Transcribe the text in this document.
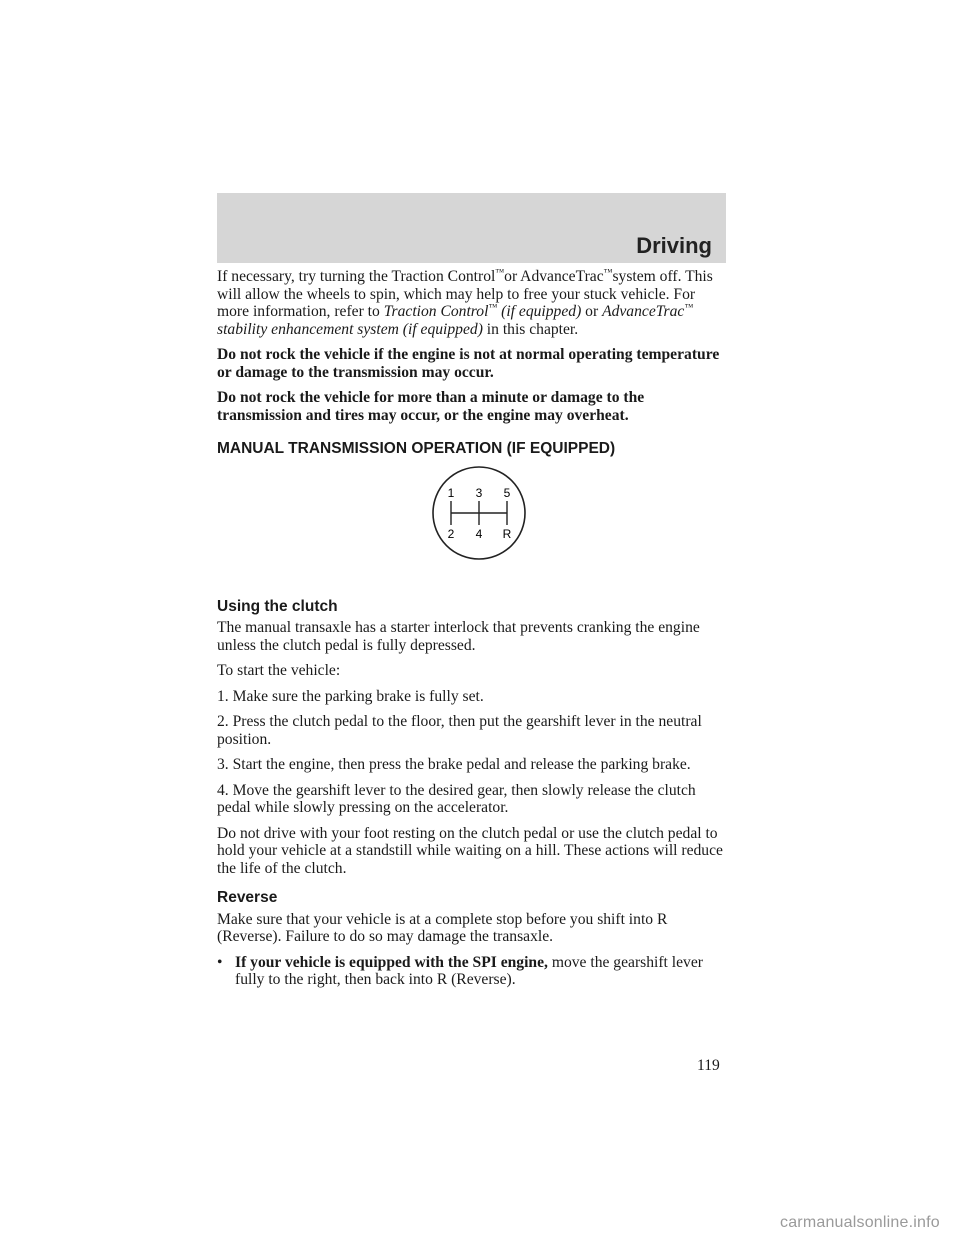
Driving

If necessary, try turning the Traction Control™or AdvanceTrac™system off. This will allow the wheels to spin, which may help to free your stuck vehicle. For more information, refer to Traction Control™ (if equipped) or AdvanceTrac™ stability enhancement system (if equipped) in this chapter.

Do not rock the vehicle if the engine is not at normal operating temperature or damage to the transmission may occur.

Do not rock the vehicle for more than a minute or damage to the transmission and tires may occur, or the engine may overheat.

MANUAL TRANSMISSION OPERATION (IF EQUIPPED)
1 3 5
2 4 R
Using the clutch

The manual transaxle has a starter interlock that prevents cranking the engine unless the clutch pedal is fully depressed.

To start the vehicle:

1. Make sure the parking brake is fully set.

2. Press the clutch pedal to the floor, then put the gearshift lever in the neutral position.

3. Start the engine, then press the brake pedal and release the parking brake.

4. Move the gearshift lever to the desired gear, then slowly release the clutch pedal while slowly pressing on the accelerator.

Do not drive with your foot resting on the clutch pedal or use the clutch pedal to hold your vehicle at a standstill while waiting on a hill. These actions will reduce the life of the clutch.

Reverse

Make sure that your vehicle is at a complete stop before you shift into R (Reverse). Failure to do so may damage the transaxle.

• If your vehicle is equipped with the SPI engine, move the gearshift lever fully to the right, then back into R (Reverse).

119
carmanualsonline.info
